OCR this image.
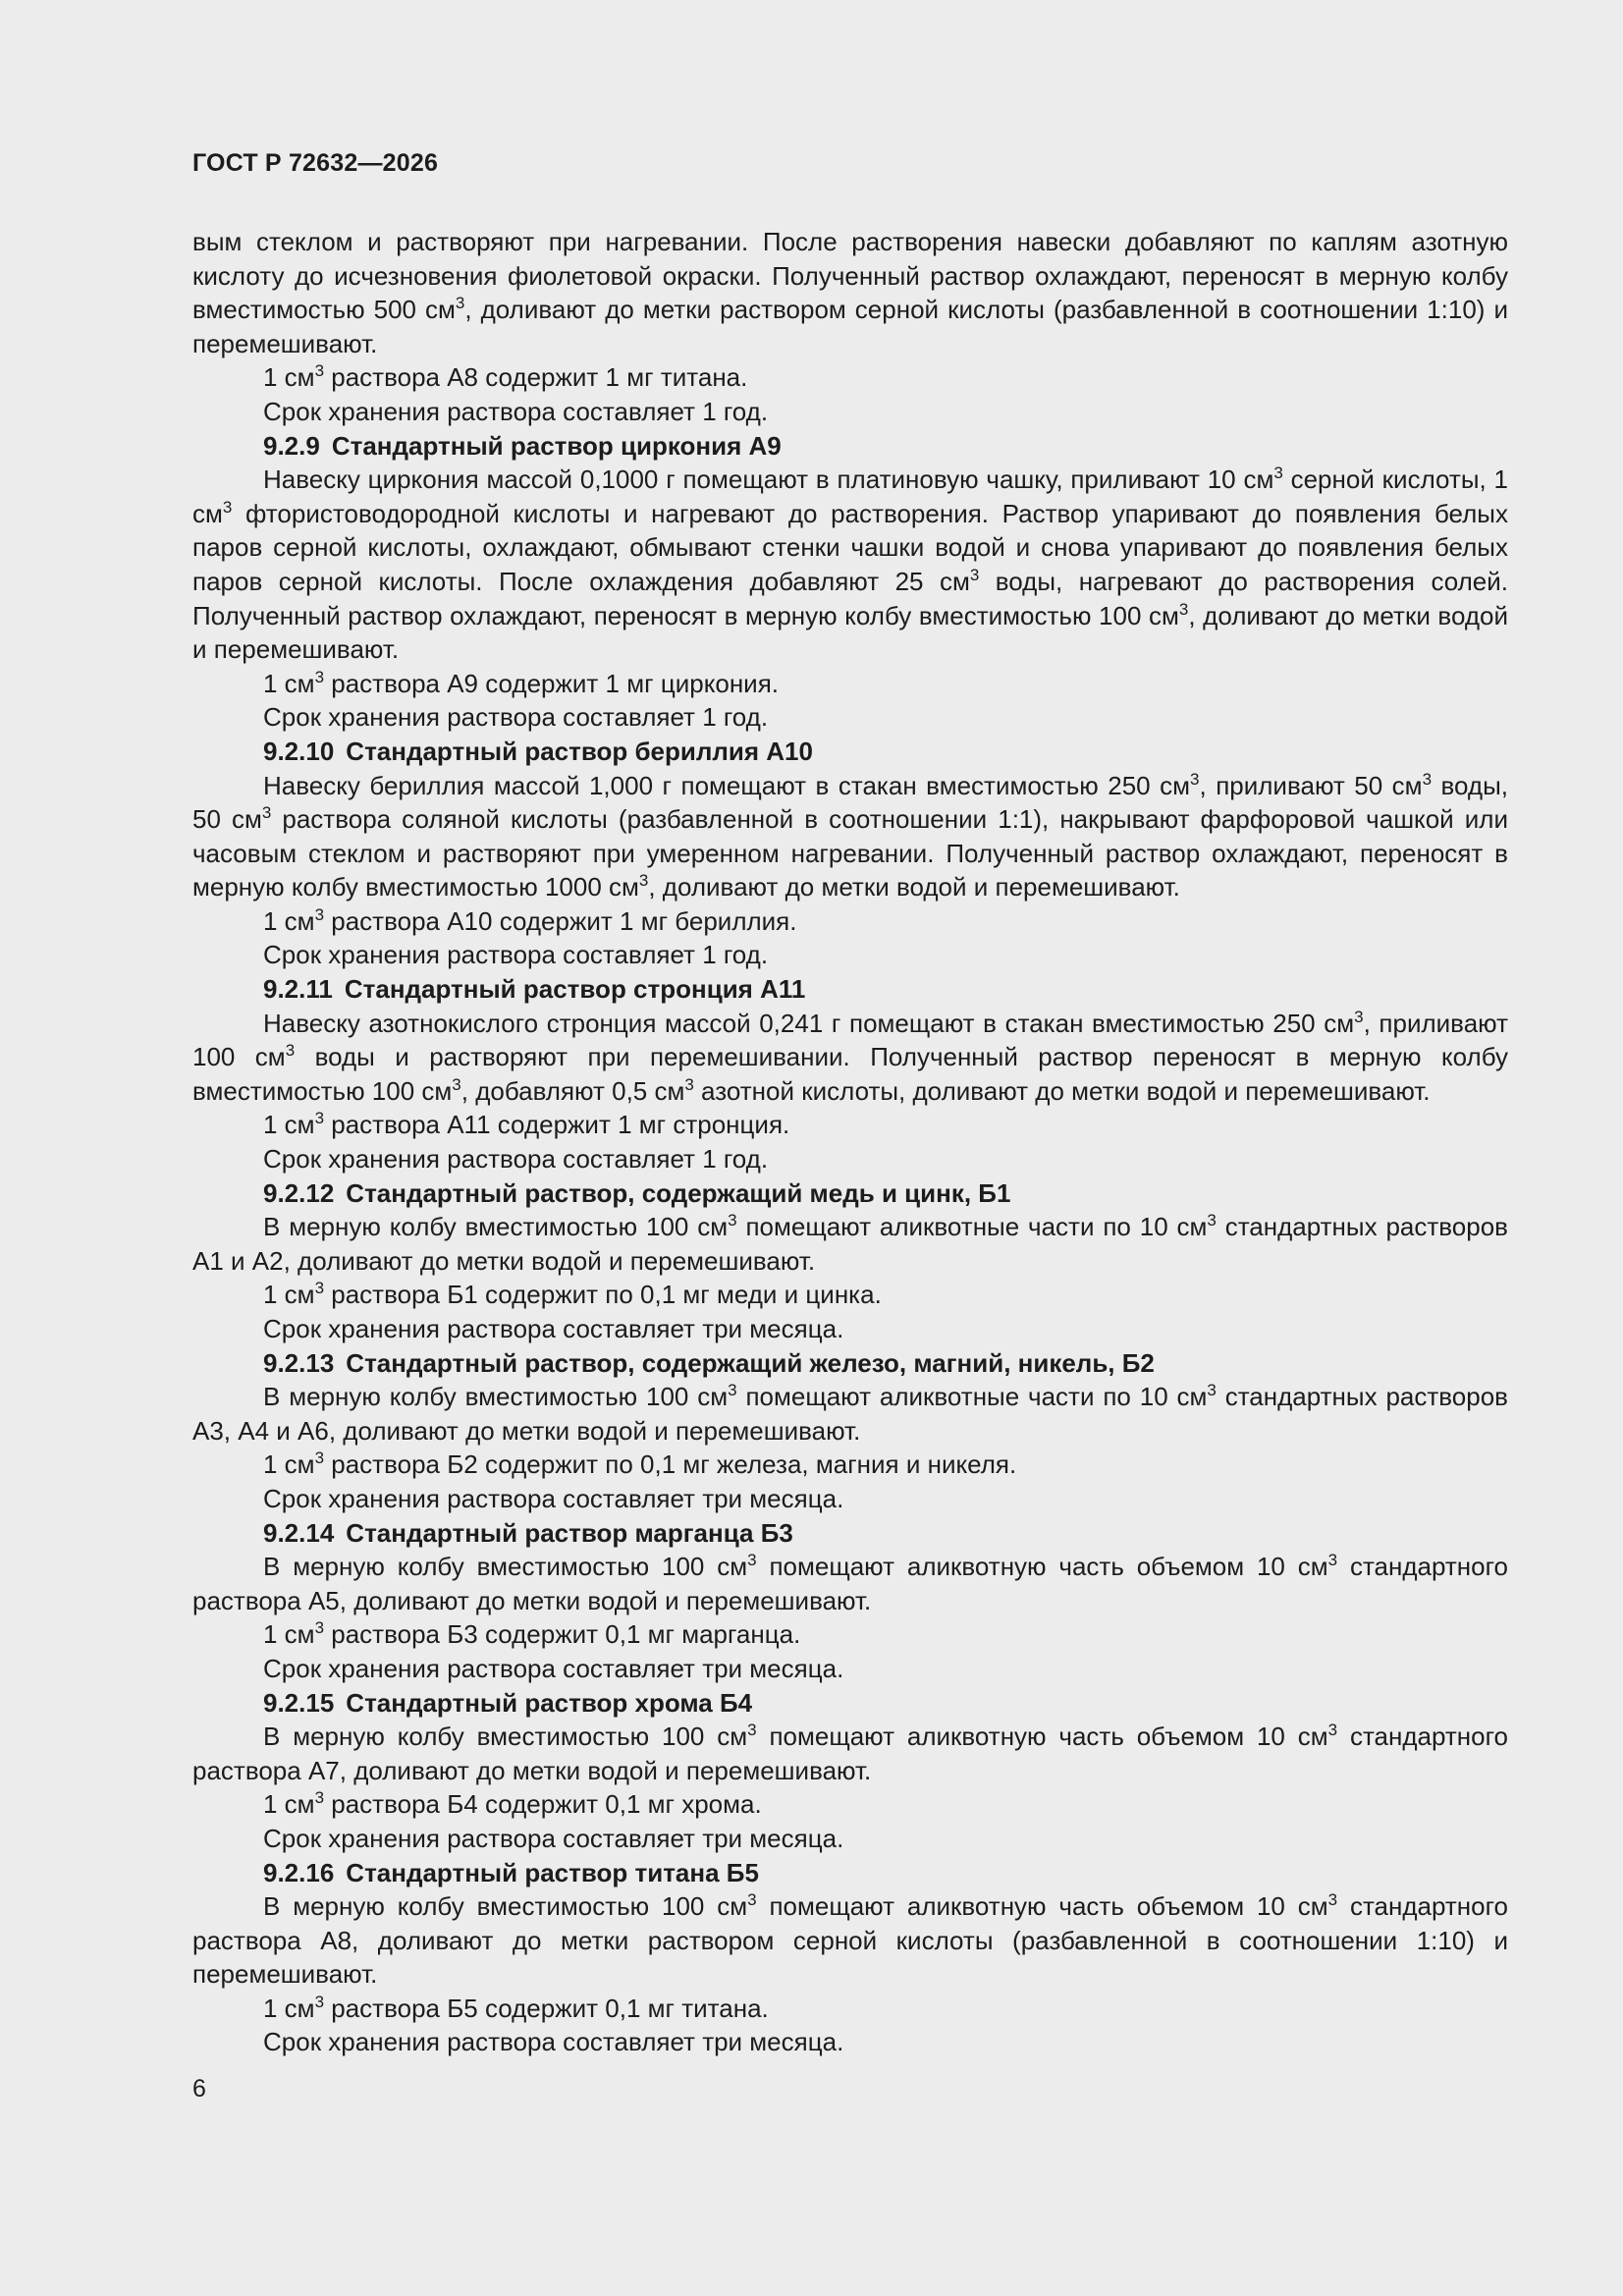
ГОСТ Р 72632—2026

вым стеклом и растворяют при нагревании. После растворения навески добавляют по каплям азотную кислоту до исчезновения фиолетовой окраски. Полученный раствор охлаждают, переносят в мерную колбу вместимостью 500 $см^3$, доливают до метки раствором серной кислоты (разбавленной в соотношении 1:10) и перемешивают.

1 $см^3$ раствора А8 содержит 1 мг титана.

Срок хранения раствора составляет 1 год.

9.2.9 Стандартный раствор циркония А9

Навеску циркония массой 0,1000 г помещают в платиновую чашку, приливают 10 $см^3$ серной кислоты, 1 $см^3$ фтористоводородной кислоты и нагревают до растворения. Раствор упаривают до появления белых паров серной кислоты, охлаждают, обмывают стенки чашки водой и снова упаривают до появления белых паров серной кислоты. После охлаждения добавляют 25 $см^3$ воды, нагревают до растворения солей. Полученный раствор охлаждают, переносят в мерную колбу вместимостью 100 $см^3$, доливают до метки водой и перемешивают.

1 $см^3$ раствора А9 содержит 1 мг циркония.

Срок хранения раствора составляет 1 год.

9.2.10 Стандартный раствор бериллия А10

Навеску бериллия массой 1,000 г помещают в стакан вместимостью 250 $см^3$, приливают 50 $см^3$ воды, 50 $см^3$ раствора соляной кислоты (разбавленной в соотношении 1:1), накрывают фарфоровой чашкой или часовым стеклом и растворяют при умеренном нагревании. Полученный раствор охлаждают, переносят в мерную колбу вместимостью 1000 $см^3$, доливают до метки водой и перемешивают.

1 $см^3$ раствора А10 содержит 1 мг бериллия.

Срок хранения раствора составляет 1 год.

9.2.11 Стандартный раствор стронция А11

Навеску азотнокислого стронция массой 0,241 г помещают в стакан вместимостью 250 $см^3$, приливают 100 $см^3$ воды и растворяют при перемешивании. Полученный раствор переносят в мерную колбу вместимостью 100 $см^3$, добавляют 0,5 $см^3$ азотной кислоты, доливают до метки водой и перемешивают.

1 $см^3$ раствора А11 содержит 1 мг стронция.

Срок хранения раствора составляет 1 год.

9.2.12 Стандартный раствор, содержащий медь и цинк, Б1

В мерную колбу вместимостью 100 $см^3$ помещают аликвотные части по 10 $см^3$ стандартных растворов А1 и А2, доливают до метки водой и перемешивают.

1 $см^3$ раствора Б1 содержит по 0,1 мг меди и цинка.

Срок хранения раствора составляет три месяца.

9.2.13 Стандартный раствор, содержащий железо, магний, никель, Б2

В мерную колбу вместимостью 100 $см^3$ помещают аликвотные части по 10 $см^3$ стандартных растворов А3, А4 и А6, доливают до метки водой и перемешивают.

1 $см^3$ раствора Б2 содержит по 0,1 мг железа, магния и никеля.

Срок хранения раствора составляет три месяца.

9.2.14 Стандартный раствор марганца Б3

В мерную колбу вместимостью 100 $см^3$ помещают аликвотную часть объемом 10 $см^3$ стандартного раствора А5, доливают до метки водой и перемешивают.

1 $см^3$ раствора Б3 содержит 0,1 мг марганца.

Срок хранения раствора составляет три месяца.

9.2.15 Стандартный раствор хрома Б4

В мерную колбу вместимостью 100 $см^3$ помещают аликвотную часть объемом 10 $см^3$ стандартного раствора А7, доливают до метки водой и перемешивают.

1 $см^3$ раствора Б4 содержит 0,1 мг хрома.

Срок хранения раствора составляет три месяца.

9.2.16 Стандартный раствор титана Б5

В мерную колбу вместимостью 100 $см^3$ помещают аликвотную часть объемом 10 $см^3$ стандартного раствора А8, доливают до метки раствором серной кислоты (разбавленной в соотношении 1:10) и перемешивают.

1 $см^3$ раствора Б5 содержит 0,1 мг титана.

Срок хранения раствора составляет три месяца.

6
